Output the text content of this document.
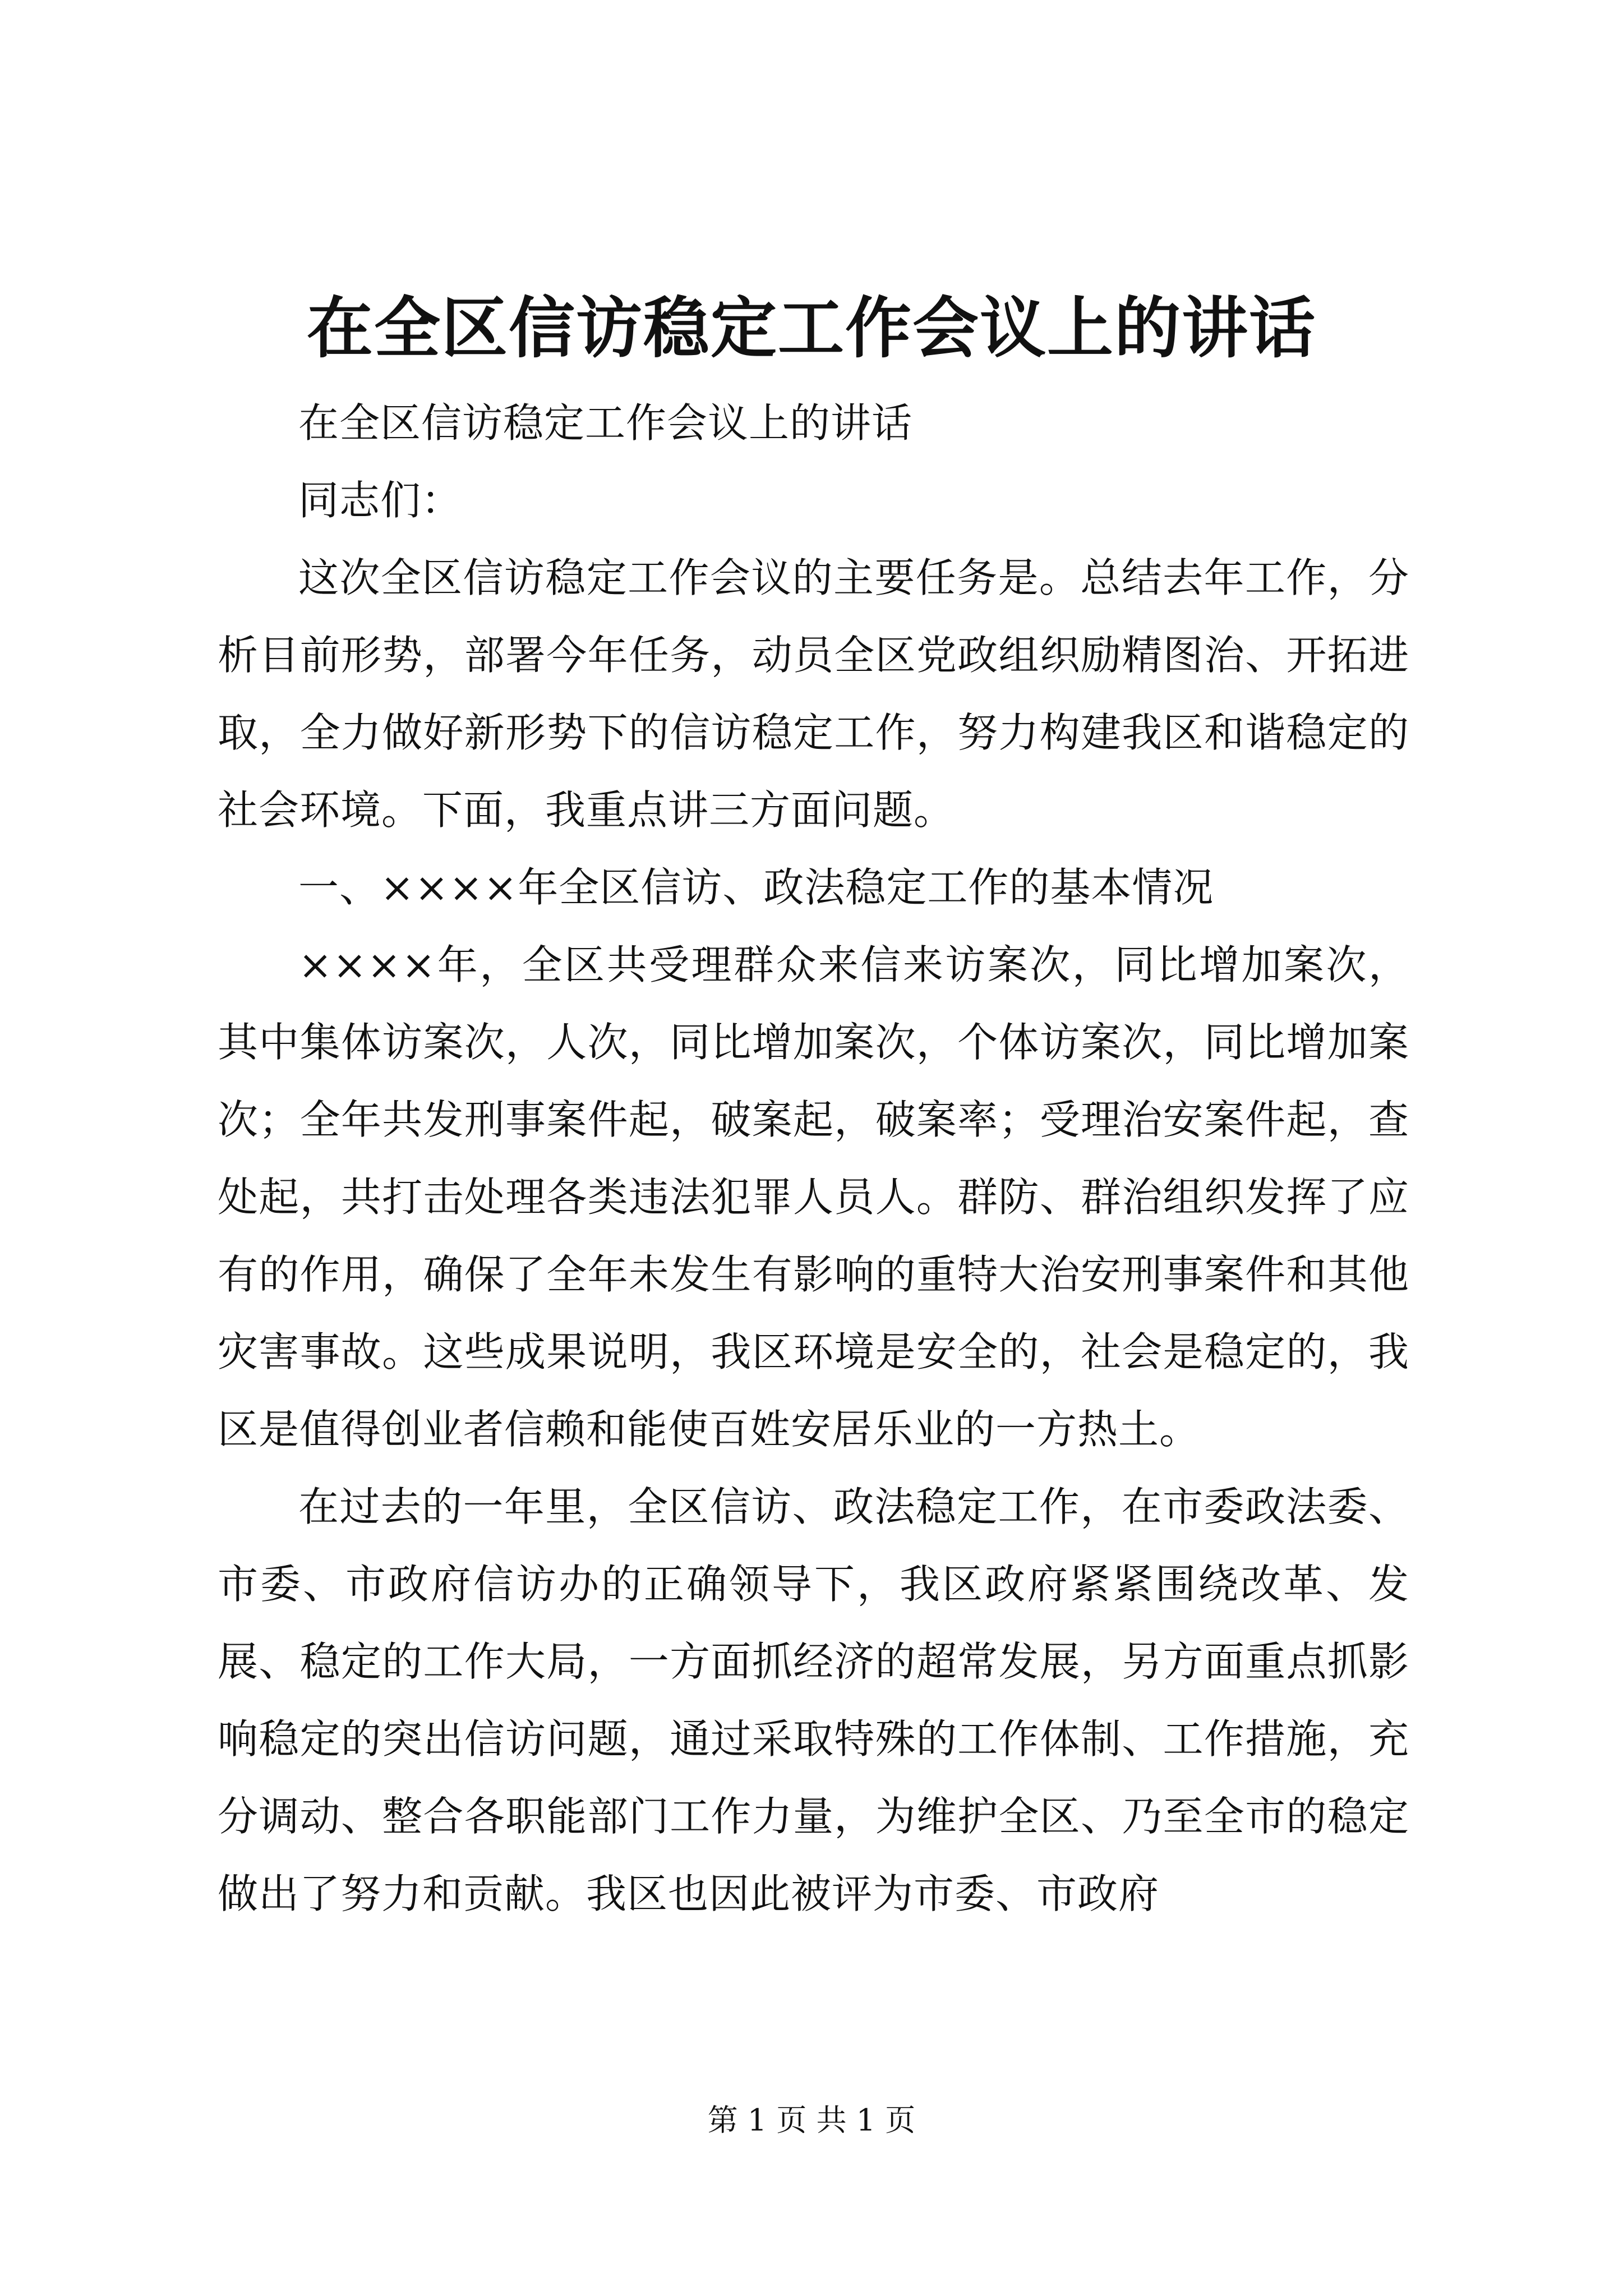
在全区信访稳定工作会议上的讲话

在全区信访稳定工作会议上的讲话

同志们：

这次全区信访稳定工作会议的主要任务是。总结去年工作，分析目前形势，部署今年任务，动员全区党政组织励精图治、开拓进取，全力做好新形势下的信访稳定工作，努力构建我区和谐稳定的社会环境。下面，我重点讲三方面问题。

一、××××年全区信访、政法稳定工作的基本情况

××××年，全区共受理群众来信来访案次，同比增加案次，其中集体访案次，人次，同比增加案次，个体访案次，同比增加案次；全年共发刑事案件起，破案起，破案率；受理治安案件起，查处起，共打击处理各类违法犯罪人员人。群防、群治组织发挥了应有的作用，确保了全年未发生有影响的重特大治安刑事案件和其他灾害事故。这些成果说明，我区环境是安全的，社会是稳定的，我区是值得创业者信赖和能使百姓安居乐业的一方热土。

在过去的一年里，全区信访、政法稳定工作，在市委政法委、市委、市政府信访办的正确领导下，我区政府紧紧围绕改革、发展、稳定的工作大局，一方面抓经济的超常发展，另方面重点抓影响稳定的突出信访问题，通过采取特殊的工作体制、工作措施，充分调动、整合各职能部门工作力量，为维护全区、乃至全市的稳定做出了努力和贡献。我区也因此被评为市委、市政府

第 1 页 共 1 页
